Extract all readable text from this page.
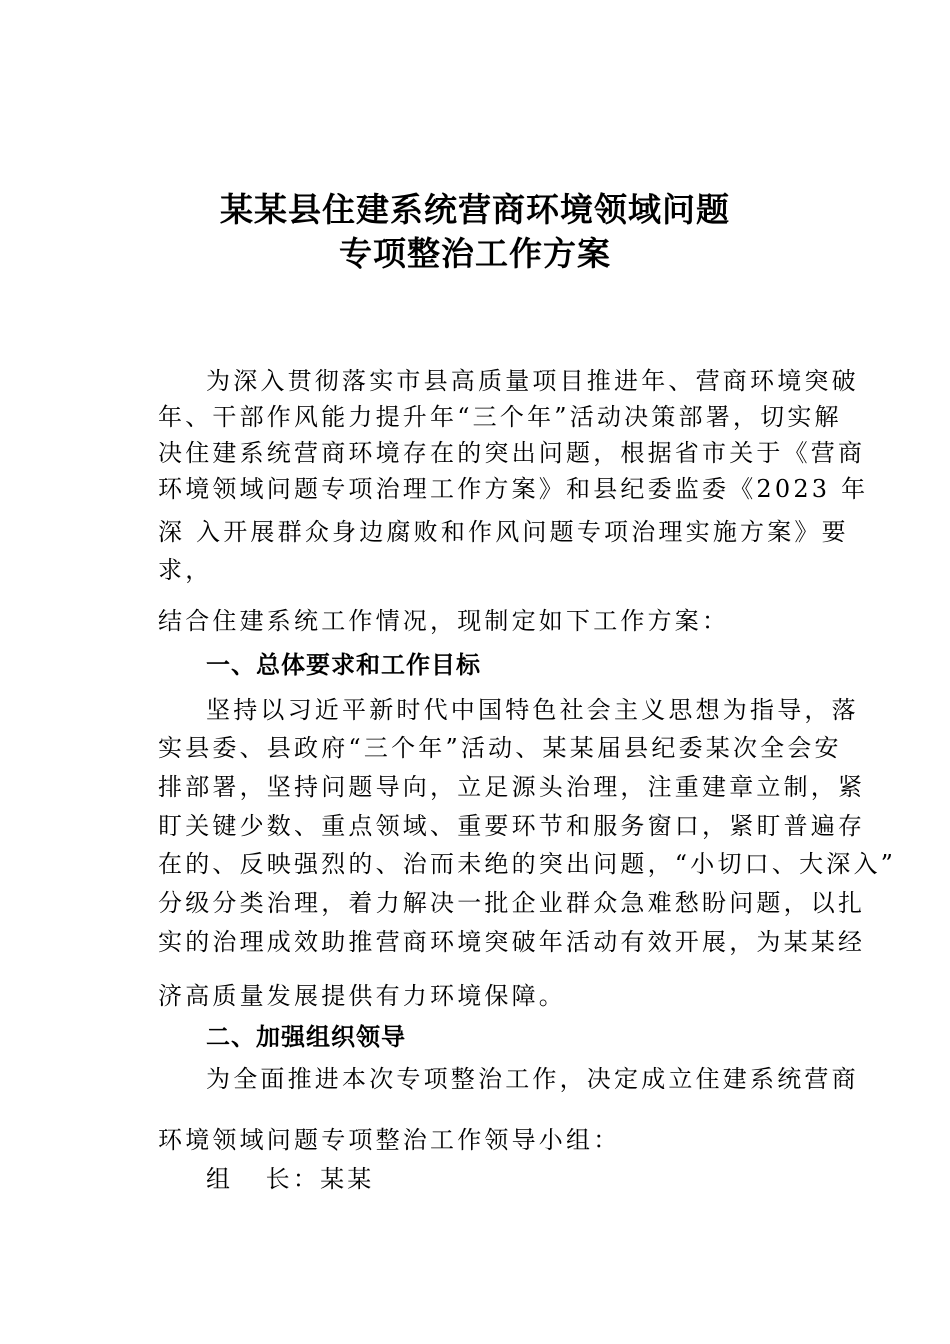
某某县住建系统营商环境领域问题
专项整治工作方案
为深入贯彻落实市县高质量项目推进年、营商环境突破
年、干部作风能力提升年“三个年”活动决策部署，切实解
决住建系统营商环境存在的突出问题，根据省市关于《营商
环境领域问题专项治理工作方案》和县纪委监委《2023 年
深 入开展群众身边腐败和作风问题专项治理实施方案》要
求，
结合住建系统工作情况，现制定如下工作方案：
一、总体要求和工作目标
坚持以习近平新时代中国特色社会主义思想为指导，落
实县委、县政府“三个年”活动、某某届县纪委某次全会安
排部署，坚持问题导向，立足源头治理，注重建章立制，紧
盯关键少数、重点领域、重要环节和服务窗口，紧盯普遍存
在的、反映强烈的、治而未绝的突出问题，“小切口、大深入”
分级分类治理，着力解决一批企业群众急难愁盼问题，以扎
实的治理成效助推营商环境突破年活动有效开展，为某某经
济高质量发展提供有力环境保障。
二、加强组织领导
为全面推进本次专项整治工作，决定成立住建系统营商
环境领域问题专项整治工作领导小组：
组   长：某某
